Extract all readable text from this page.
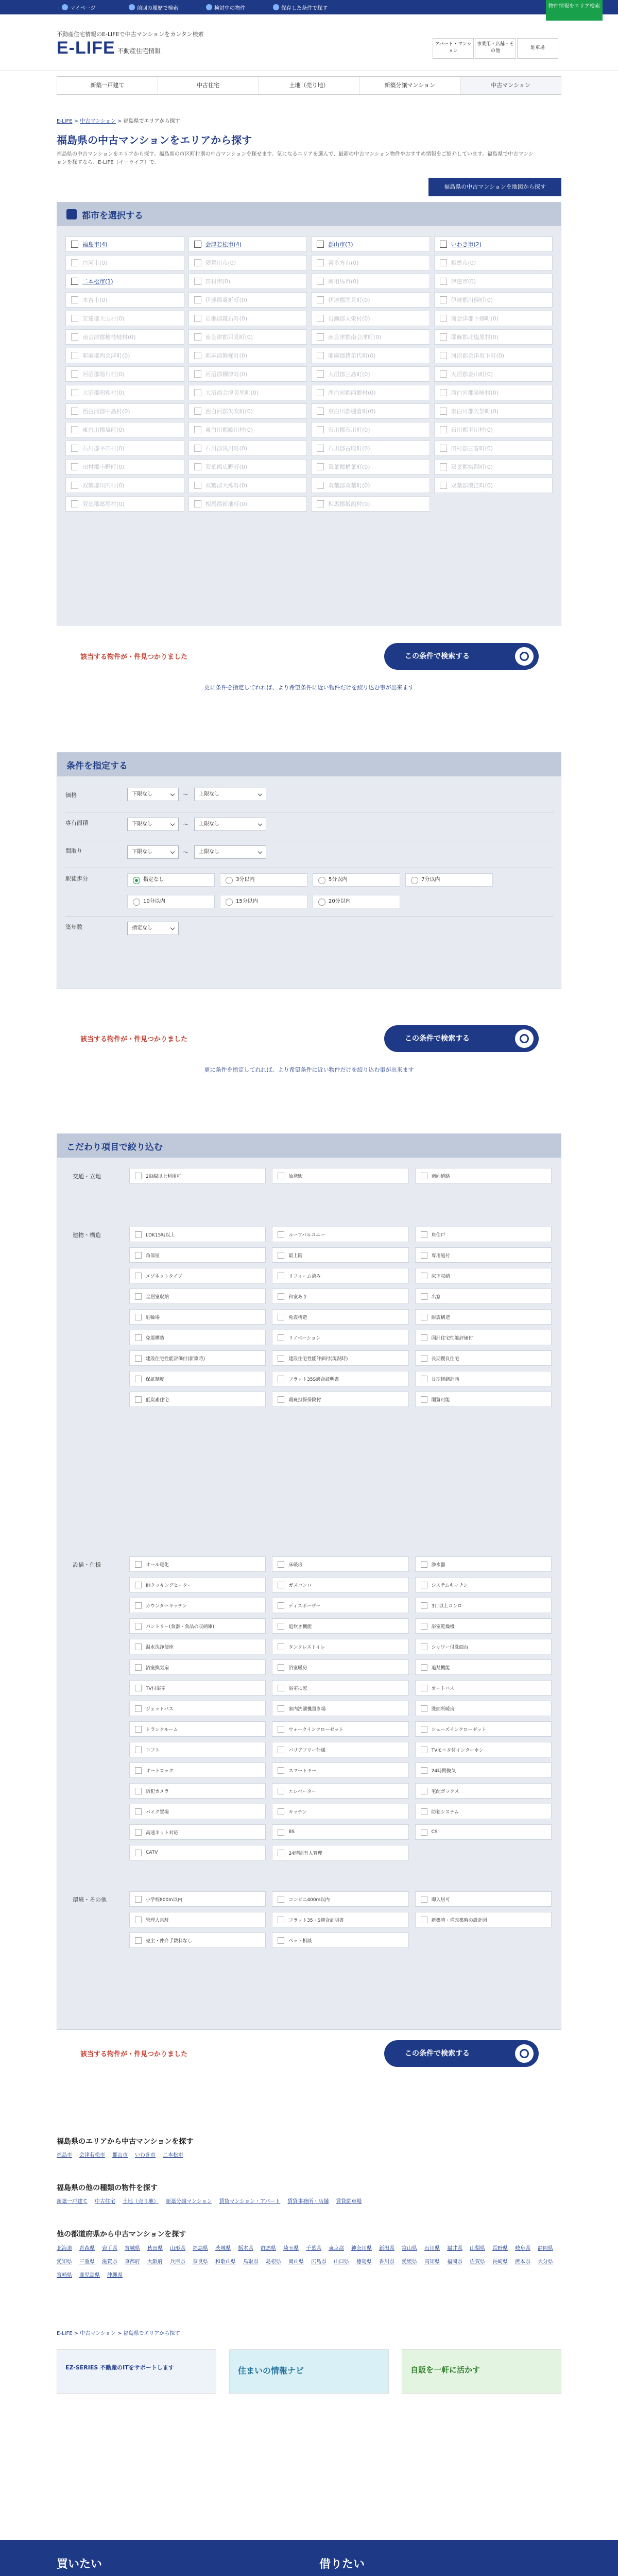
マイページ	前回の履歴で検索	検討中の物件	保存した条件で探す	物件情報をエリア検索
不動産住宅情報のE-LIFEで中古マンションをカンタン検索
E-LIFE 不動産住宅情報
アパート・マンション
事業用・店舗・その他
駐車場
新築一戸建て	中古住宅	土地（売り地）	新築分譲マンション	中古マンション
E-LIFE > 中古マンション > 福島県でエリアから探す
福島県の中古マンションをエリアから探す
福島県の中古マンションをエリアから探す。福島県の市区町村別の中古マンションを探せます。気になるエリアを選んで、最新の中古マンション物件やおすすめ情報をご紹介しています。福島県で中古マンションを探すなら、E-LIFE（イーライフ）で。
福島県の中古マンションを地図から探す
都市を選択する
福島市 (4)	会津若松市 (4)	郡山市 (3)	いわき市 (2)
白河市 (0)	須賀川市 (0)	喜多方市 (0)	相馬市 (0)
二本松市 (1)	田村市 (0)	南相馬市 (0)	伊達市 (0)
本宮市 (0)	伊達郡桑折町 (0)	伊達郡国見町 (0)	伊達郡川俣町 (0)
安達郡大玉村 (0)	岩瀬郡鏡石町 (0)	岩瀬郡天栄村 (0)	南会津郡下郷町 (0)
南会津郡檜枝岐村 (0)	南会津郡只見町 (0)	南会津郡南会津町 (0)	耶麻郡北塩原村 (0)
耶麻郡西会津町 (0)	耶麻郡磐梯町 (0)	耶麻郡猪苗代町 (0)	河沼郡会津坂下町 (0)
河沼郡湯川村 (0)	河沼郡柳津町 (0)	大沼郡三島町 (0)	大沼郡金山町 (0)
大沼郡昭和村 (0)	大沼郡会津美里町 (0)	西白河郡西郷村 (0)	西白河郡泉崎村 (0)
西白河郡中島村 (0)	西白河郡矢吹町 (0)	東白川郡棚倉町 (0)	東白川郡矢祭町 (0)
東白川郡塙町 (0)	東白川郡鮫川村 (0)	石川郡石川町 (0)	石川郡玉川村 (0)
石川郡平田村 (0)	石川郡浅川町 (0)	石川郡古殿町 (0)	田村郡三春町 (0)
田村郡小野町 (0)	双葉郡広野町 (0)	双葉郡楢葉町 (0)	双葉郡富岡町 (0)
双葉郡川内村 (0)	双葉郡大熊町 (0)	双葉郡双葉町 (0)	双葉郡浪江町 (0)
双葉郡葛尾村 (0)	相馬郡新地町 (0)	相馬郡飯舘村 (0)
該当する物件が・件見つかりました	この条件で検索する
更に条件を指定してれれば、より希望条件に近い物件だけを絞り込む事が出来ます
条件を指定する
価格	下限なし	〜	上限なし
専有面積	下限なし	〜	上限なし
間取り	下限なし	〜	上限なし
駅徒歩分	指定なし	3分以内	5分以内	7分以内
10分以内	15分以内	20分以内
築年数	指定なし
該当する物件が・件見つかりました	この条件で検索する
更に条件を指定してれれば、より希望条件に近い物件だけを絞り込む事が出来ます
こだわり項目で絞り込む
交通・立地	2沿線以上利用可	始発駅	南向道路
建物・構造	LDK15帖以上	ルーフバルコニー	角住戸
角部屋	最上階	専用庭付
メゾネットタイプ	リフォーム済み	床下収納
全居室収納	和室あり	出窓
駐輪場	免震構造	耐震構造
免震構造	リノベーション	国計住宅性能評価付
建設住宅性能評価付(新築時)	建設住宅性能評価付(現況時)	長期優良住宅
保証制度	フラット35S適合証明書	長期修繕計画
低炭素住宅	瑕疵担保保険付	閲覧可能
設備・仕様	オール電化	床暖房	浄水器
IHクッキングヒーター	ガスコンロ	システムキッチン
カウンターキッチン	ディスポーザー	3口以上コンロ
パントリー(食器・食品の収納庫)	追炊き機能	浴室乾燥機
温水洗浄便座	タンクレストイレ	シャワー付洗面台
浴室換気扇	浴室暖房	追焚機能
TV付浴室	浴室に窓	オートバス
ジェットバス	室内洗濯機置き場	洗面所暖房
トランクルーム	ウォークインクローゼット	シューズインクローゼット
ロフト	バリアフリー仕様	TVモニタ付インターホン
オートロック	スマートキー	24時間換気
防犯カメラ	エレベーター	宅配ボックス
バイク置場	キッチン	防犯システム
高速ネット対応	BS	CS
CATV	24時間有人管理
環境・その他	小学校800m以内	コンビニ400m以内	即入居可
管理人常駐	フラット35・S適合証明書	新築時・増改築時の設計図
売主・仲介手数料なし	ペット相談
該当する物件が・件見つかりました	この条件で検索する
福島県のエリアから中古マンションを探す
福島市 会津若松市 郡山市 いわき市 二本松市
福島県の他の種類の物件を探す
新築一戸建て 中古住宅 土地（売り地） 新築分譲マンション 賃貸マンション・アパート 賃貸事務所・店舗 賃貸駐車場
他の都道府県から中古マンションを探す
北海道 青森県 岩手県 宮城県 秋田県 山形県 福島県 茨城県 栃木県 群馬県 埼玉県 千葉県 東京都 神奈川県 新潟県 富山県 石川県 福井県 山梨県 長野県 岐阜県 静岡県愛知県 三重県 滋賀県 京都府 大阪府 兵庫県 奈良県 和歌山県 鳥取県 島根県 岡山県 広島県 山口県 徳島県 香川県 愛媛県 高知県 福岡県 佐賀県 長崎県 熊本県 大分県宮崎県 鹿児島県 沖縄県
E-LIFE > 中古マンション > 福島県でエリアから探す
EZ-SERIES 不動産のITをサポートします	住まいの情報ナビ	自販を一軒に活かす
買いたい	借りたい
